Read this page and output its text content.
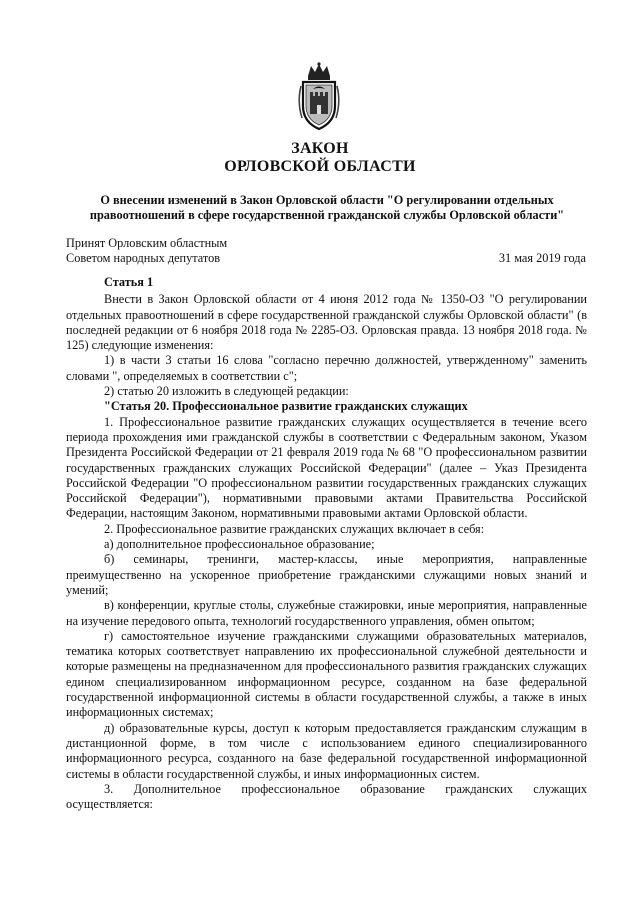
ЗАКОН
ОРЛОВСКОЙ ОБЛАСТИ
О внесении изменений в Закон Орловской области "О регулировании отдельных
правоотношений в сфере государственной гражданской службы Орловской области"
Принят Орловским областным
Советом народных депутатов	31 мая 2019 года

Статья 1

Внести в Закон Орловской области от 4 июня 2012 года № 1350-ОЗ "О регулировании отдельных правоотношений в сфере государственной гражданской службы Орловской области" (в последней редакции от 6 ноября 2018 года № 2285-ОЗ. Орловская правда. 13 ноября 2018 года. № 125) следующие изменения:

1) в части 3 статьи 16 слова "согласно перечню должностей, утвержденному" заменить словами ", определяемых в соответствии с";

2) статью 20 изложить в следующей редакции:

"Статья 20. Профессиональное развитие гражданских служащих

1. Профессиональное развитие гражданских служащих осуществляется в течение всего периода прохождения ими гражданской службы в соответствии с Федеральным законом, Указом Президента Российской Федерации от 21 февраля 2019 года № 68 "О профессиональном развитии государственных гражданских служащих Российской Федерации" (далее – Указ Президента Российской Федерации "О профессиональном развитии государственных гражданских служащих Российской Федерации"), нормативными правовыми актами Правительства Российской Федерации, настоящим Законом, нормативными правовыми актами Орловской области.

2. Профессиональное развитие гражданских служащих включает в себя:

а) дополнительное профессиональное образование;

б) семинары, тренинги, мастер-классы, иные мероприятия, направленные преимущественно на ускоренное приобретение гражданскими служащими новых знаний и умений;

в) конференции, круглые столы, служебные стажировки, иные мероприятия, направленные на изучение передового опыта, технологий государственного управления, обмен опытом;

г) самостоятельное изучение гражданскими служащими образовательных материалов, тематика которых соответствует направлению их профессиональной служебной деятельности и которые размещены на предназначенном для профессионального развития гражданских служащих едином специализированном информационном ресурсе, созданном на базе федеральной государственной информационной системы в области государственной службы, а также в иных информационных системах;

д) образовательные курсы, доступ к которым предоставляется гражданским служащим в дистанционной форме, в том числе с использованием единого специализированного информационного ресурса, созданного на базе федеральной государственной информационной системы в области государственной службы, и иных информационных систем.

3. Дополнительное профессиональное образование гражданских служащих осуществляется:
